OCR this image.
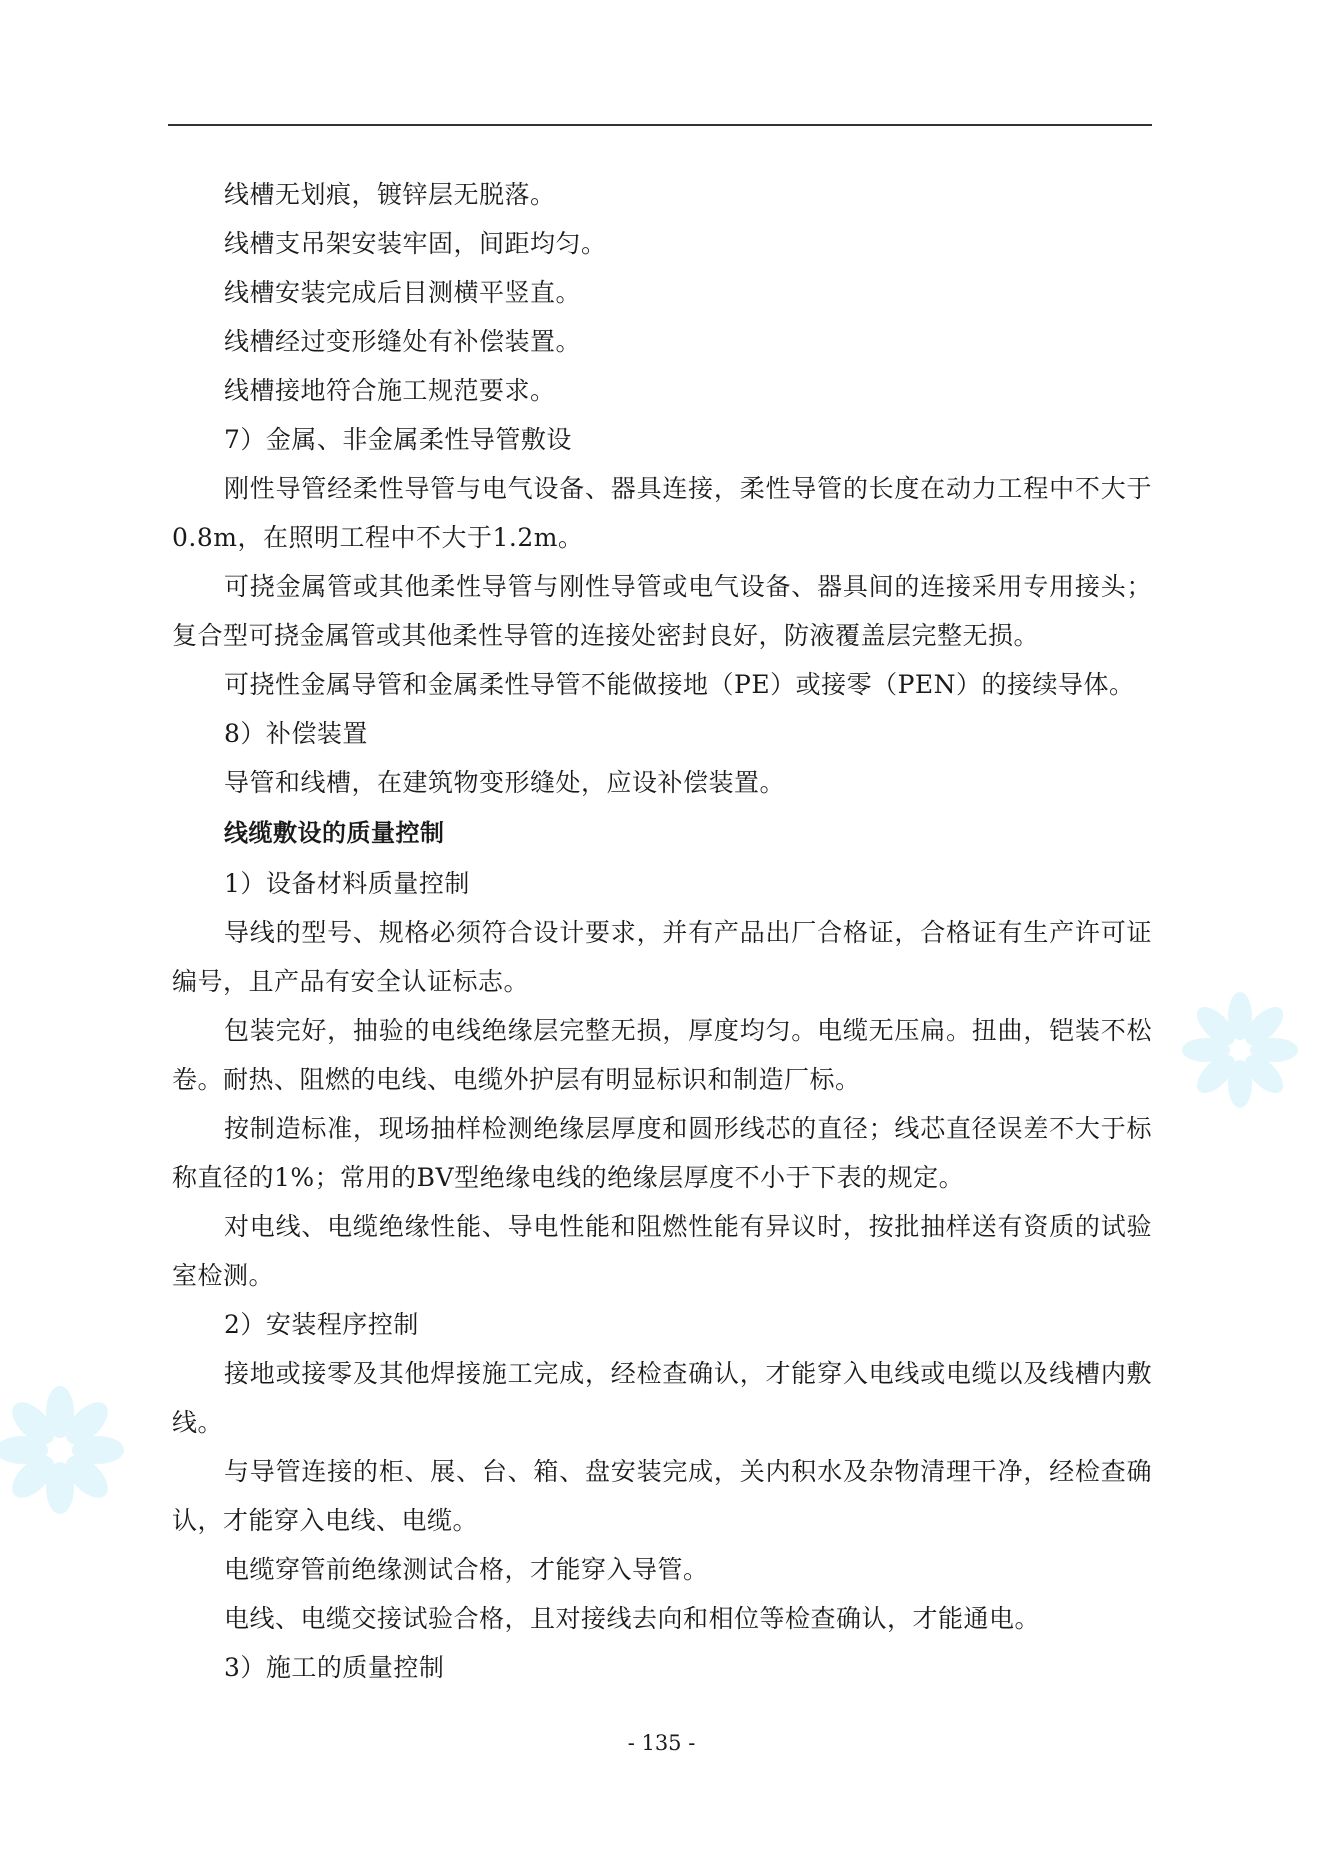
线槽无划痕，镀锌层无脱落。

线槽支吊架安装牢固，间距均匀。

线槽安装完成后目测横平竖直。

线槽经过变形缝处有补偿装置。

线槽接地符合施工规范要求。

7）金属、非金属柔性导管敷设

刚性导管经柔性导管与电气设备、器具连接，柔性导管的长度在动力工程中不大于0.8m，在照明工程中不大于1.2m。

可挠金属管或其他柔性导管与刚性导管或电气设备、器具间的连接采用专用接头；复合型可挠金属管或其他柔性导管的连接处密封良好，防液覆盖层完整无损。

可挠性金属导管和金属柔性导管不能做接地（PE）或接零（PEN）的接续导体。

8）补偿装置

导管和线槽，在建筑物变形缝处，应设补偿装置。

线缆敷设的质量控制

1）设备材料质量控制

导线的型号、规格必须符合设计要求，并有产品出厂合格证，合格证有生产许可证编号，且产品有安全认证标志。

包装完好，抽验的电线绝缘层完整无损，厚度均匀。电缆无压扁。扭曲，铠装不松卷。耐热、阻燃的电线、电缆外护层有明显标识和制造厂标。

按制造标准，现场抽样检测绝缘层厚度和圆形线芯的直径；线芯直径误差不大于标称直径的1%；常用的BV型绝缘电线的绝缘层厚度不小于下表的规定。

对电线、电缆绝缘性能、导电性能和阻燃性能有异议时，按批抽样送有资质的试验室检测。

2）安装程序控制

接地或接零及其他焊接施工完成，经检查确认，才能穿入电线或电缆以及线槽内敷线。

与导管连接的柜、展、台、箱、盘安装完成，关内积水及杂物清理干净，经检查确认，才能穿入电线、电缆。

电缆穿管前绝缘测试合格，才能穿入导管。

电线、电缆交接试验合格，且对接线去向和相位等检查确认，才能通电。

3）施工的质量控制

- 135 -
